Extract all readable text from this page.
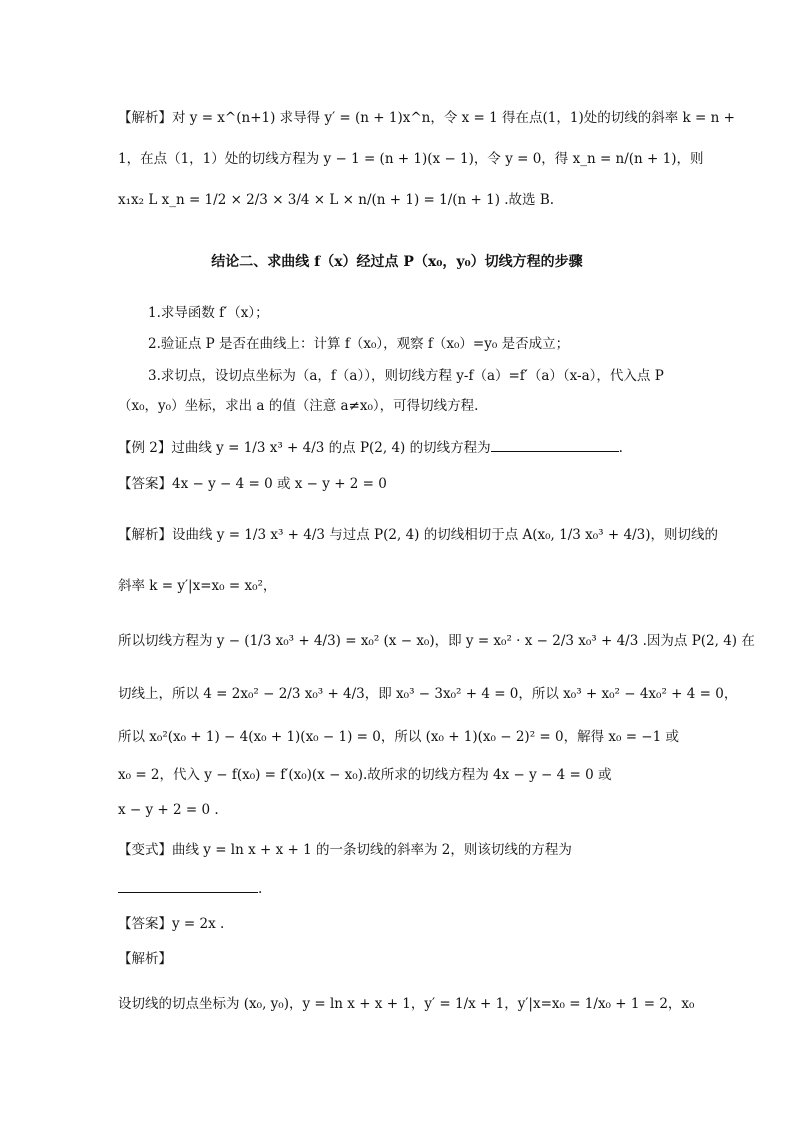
【解析】对 y = x^(n+1) 求导得 y′ = (n + 1)x^n，令 x = 1 得在点(1，1)处的切线的斜率 k = n +
1，在点（1，1）处的切线方程为 y − 1 = (n + 1)(x − 1)，令 y = 0，得 x_n = n/(n + 1)，则
x₁x₂ L x_n = 1/2 × 2/3 × 3/4 × L × n/(n + 1) = 1/(n + 1) .故选 B.
结论二、求曲线 f（x）经过点 P（x₀，y₀）切线方程的步骤
1.求导函数 f′（x）；
2.验证点 P 是否在曲线上：计算 f（x₀），观察 f（x₀）=y₀ 是否成立；
3.求切点，设切点坐标为（a，f（a）），则切线方程 y-f（a）=f′（a）（x-a），代入点 P
（x₀，y₀）坐标，求出 a 的值（注意 a≠x₀），可得切线方程.
【例 2】过曲线 y = 1/3 x³ + 4/3 的点 P(2, 4) 的切线方程为	.
【答案】4x − y − 4 = 0 或 x − y + 2 = 0
【解析】设曲线 y = 1/3 x³ + 4/3 与过点 P(2, 4) 的切线相切于点 A(x₀, 1/3 x₀³ + 4/3)，则切线的
斜率 k = y′|x=x₀ = x₀²，
所以切线方程为 y − (1/3 x₀³ + 4/3) = x₀² (x − x₀)，即 y = x₀² · x − 2/3 x₀³ + 4/3 .因为点 P(2, 4) 在
切线上，所以 4 = 2x₀² − 2/3 x₀³ + 4/3，即 x₀³ − 3x₀² + 4 = 0，所以 x₀³ + x₀² − 4x₀² + 4 = 0，
所以 x₀²(x₀ + 1) − 4(x₀ + 1)(x₀ − 1) = 0，所以 (x₀ + 1)(x₀ − 2)² = 0，解得 x₀ = −1 或
x₀ = 2，代入 y − f(x₀) = f′(x₀)(x − x₀).故所求的切线方程为 4x − y − 4 = 0 或
x − y + 2 = 0 .
【变式】曲线 y = ln x + x + 1 的一条切线的斜率为 2，则该切线的方程为
.
【答案】y = 2x .
【解析】
设切线的切点坐标为 (x₀, y₀)，y = ln x + x + 1，y′ = 1/x + 1，y′|x=x₀ = 1/x₀ + 1 = 2，x₀
